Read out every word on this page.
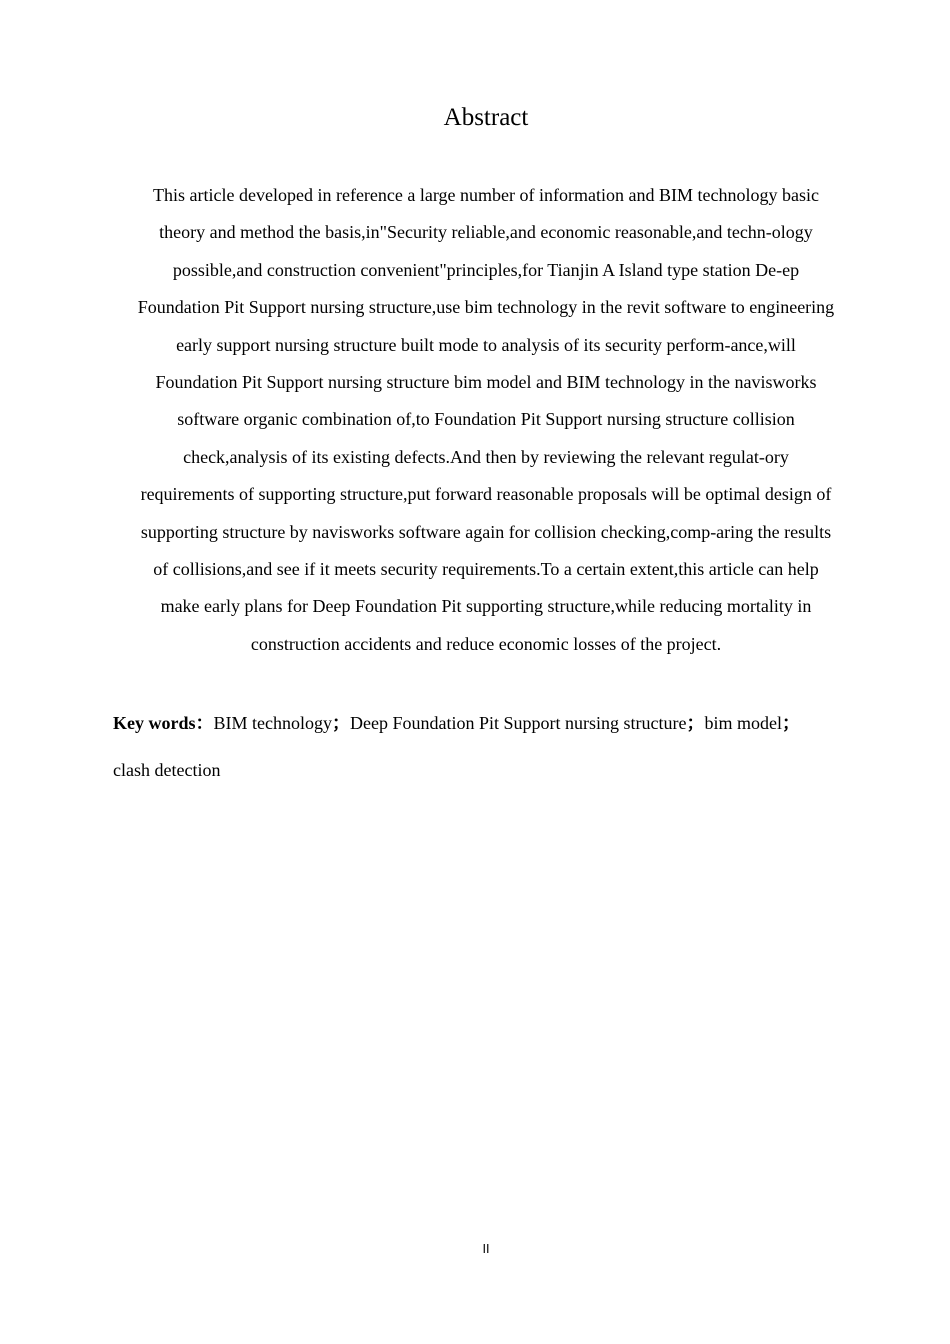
Abstract
This article developed in reference a large number of information and BIM technology basic
theory and method the basis,in"Security reliable,and economic reasonable,and techn-ology
possible,and construction convenient"principles,for Tianjin A Island type station De-ep
Foundation Pit Support nursing structure,use bim technology in the revit software to engineering
early support nursing structure built mode to analysis of its security perform-ance,will
Foundation Pit Support nursing structure bim model and BIM technology in the navisworks
software organic combination of,to Foundation Pit Support nursing structure collision
check,analysis of its existing defects.And then by reviewing the relevant regulat-ory
requirements of supporting structure,put forward reasonable proposals will be optimal design of
supporting structure by navisworks software again for collision checking,comp-aring the results
of collisions,and see if it meets security requirements.To a certain extent,this article can help
make early plans for Deep Foundation Pit supporting structure,while reducing mortality in
construction accidents and reduce economic losses of the project.
Key words：BIM technology；Deep Foundation Pit Support nursing structure；bim model；
clash detection
II
